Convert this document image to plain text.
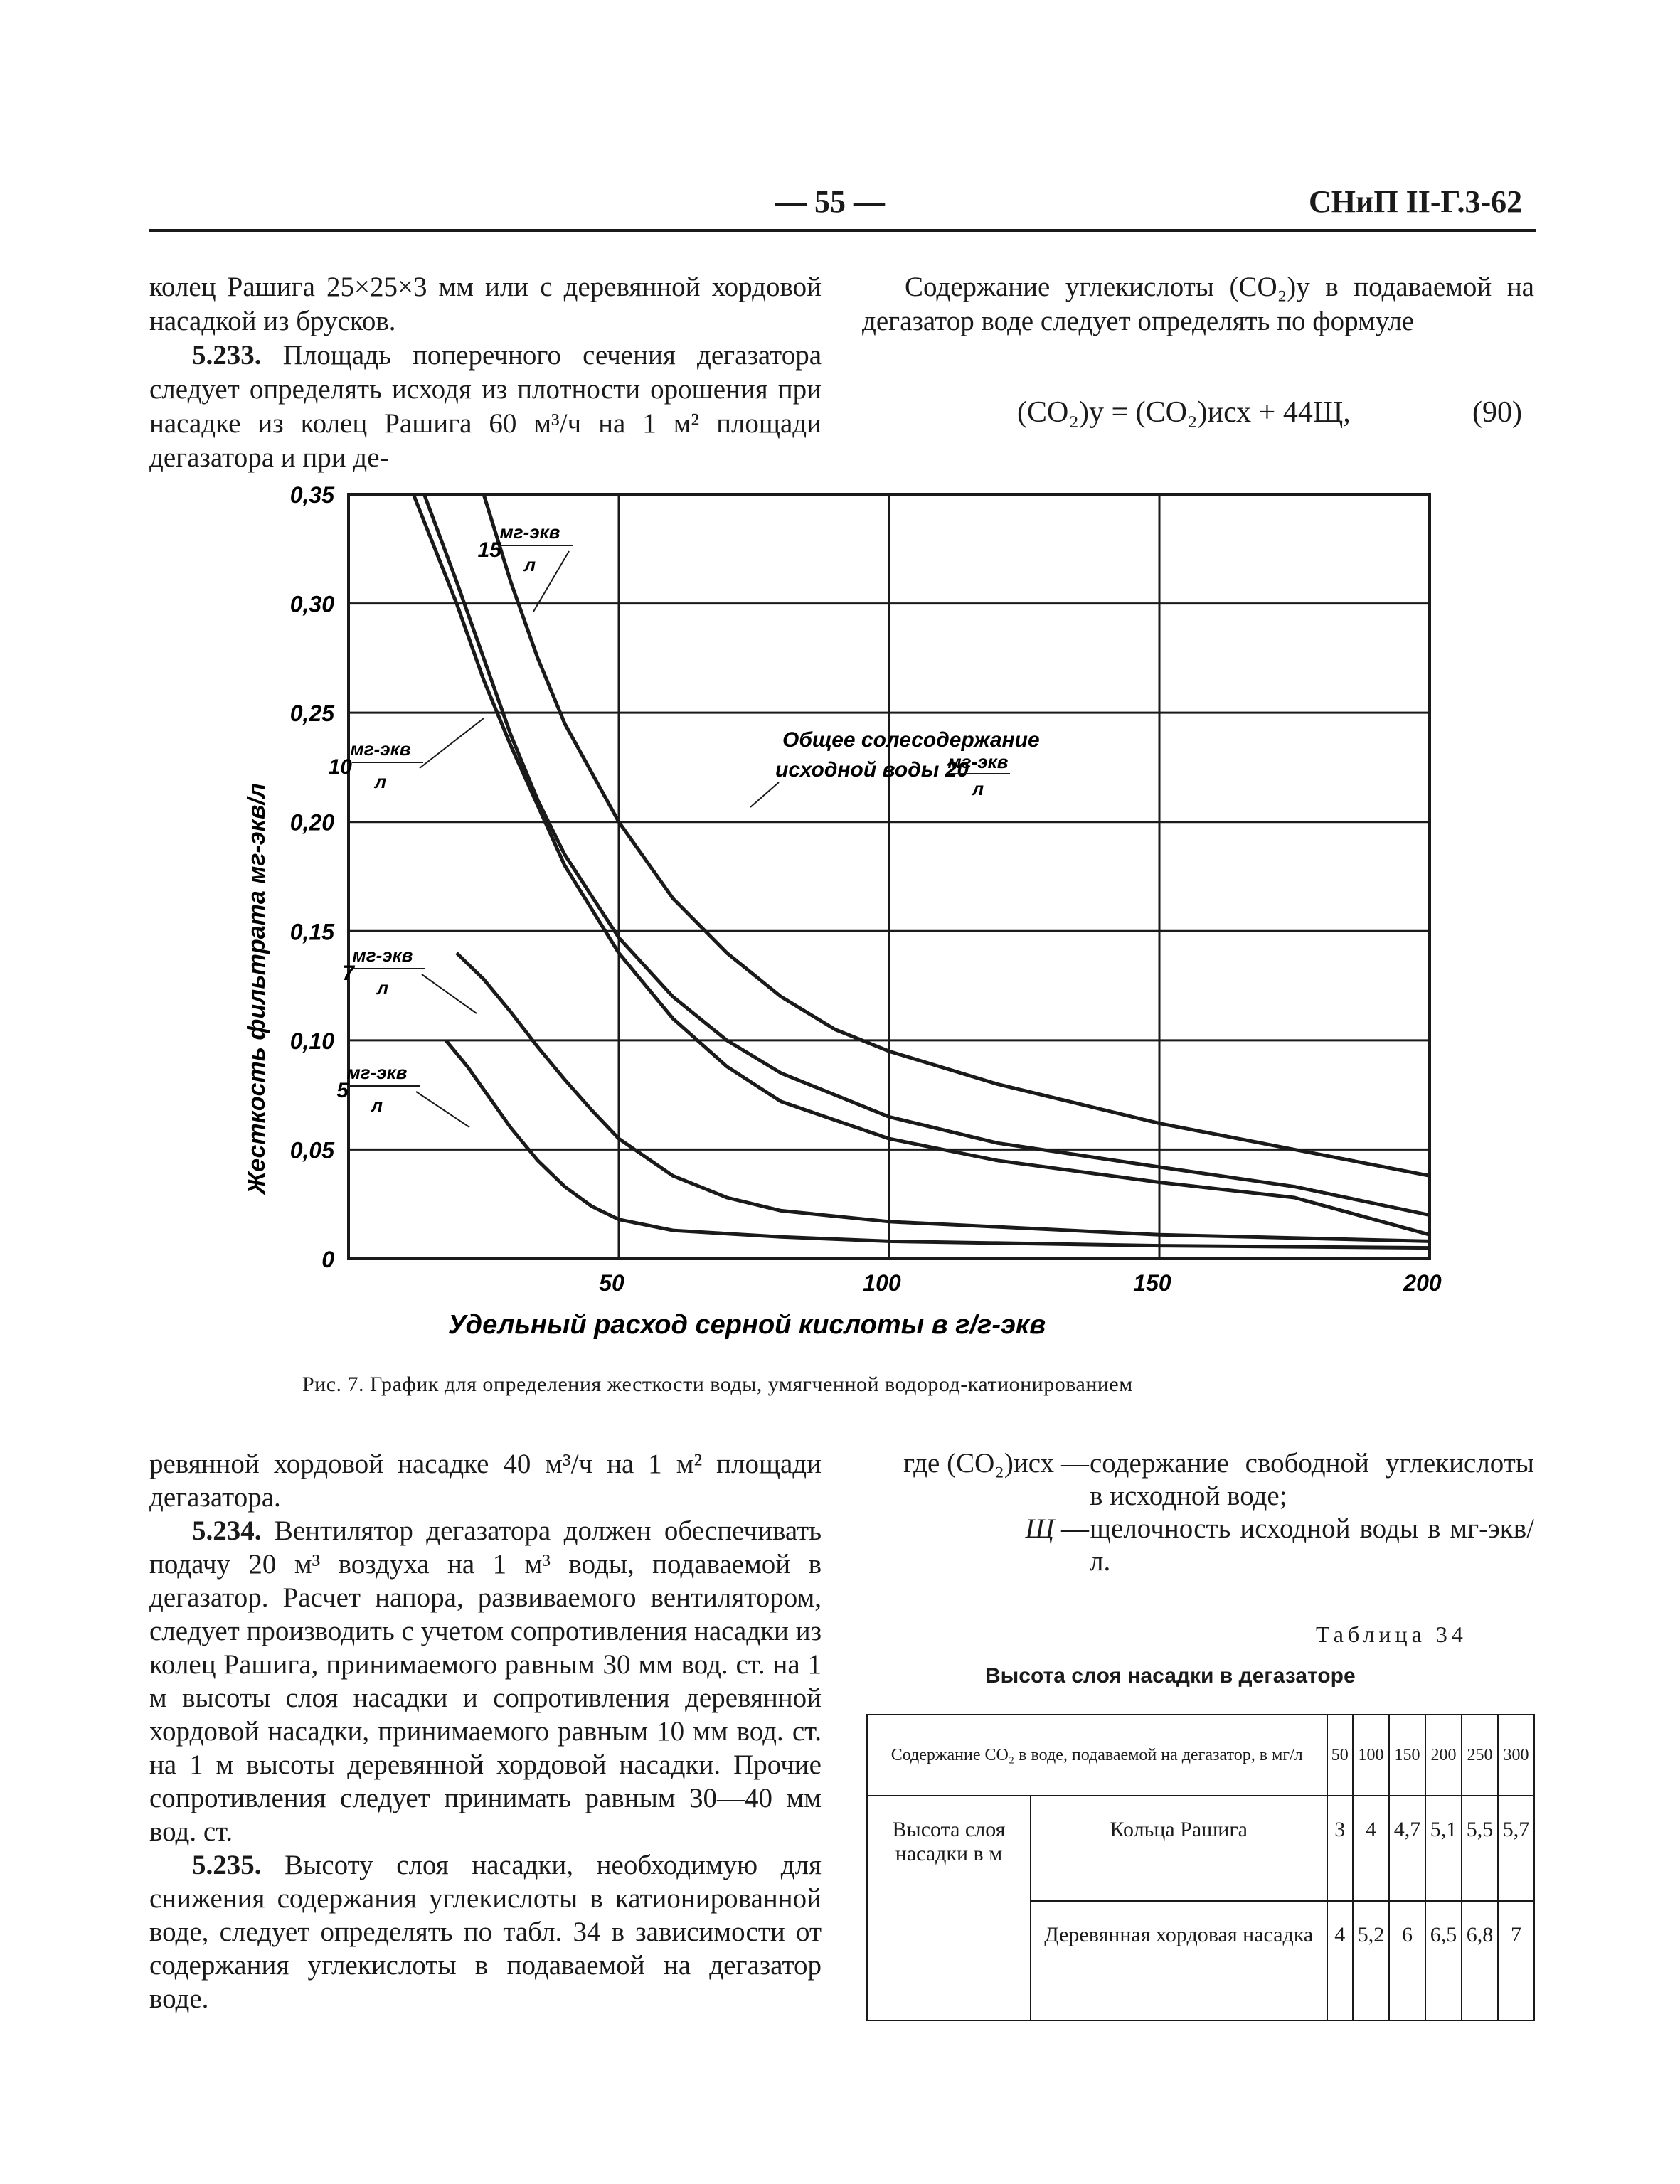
— 55 —	СНиП II-Г.3-62

колец Рашига 25×25×3 мм или с деревянной хордовой насадкой из брусков.

5.233. Площадь поперечного сечения дегазатора следует определять исходя из плотности орошения при насадке из колец Рашига 60 м³/ч на 1 м² площади дегазатора и при де-

Содержание углекислоты (CO₂)у в подаваемой на дегазатор воде следует определять по формуле

(CO₂)у = (CO₂)исх + 44Щ,	(90)
0
0,05
0,10
0,15
0,20
0,25
0,30
0,35
50	100	150	200
5
мг-экв
л
7
мг-экв
л
10
мг-экв
л
15
мг-экв
л
Общее солесодержание
исходной воды 20
мг-экв
л
Удельный расход серной кислоты в г/г-экв
Жесткость фильтрата мг-экв/л
Рис. 7. График для определения жесткости воды, умягченной водород-катионированием

ревянной хордовой насадке 40 м³/ч на 1 м² площади дегазатора.

5.234. Вентилятор дегазатора должен обеспечивать подачу 20 м³ воздуха на 1 м³ воды, подаваемой в дегазатор. Расчет напора, развиваемого вентилятором, следует производить с учетом сопротивления насадки из колец Рашига, принимаемого равным 30 мм вод. ст. на 1 м высоты слоя насадки и сопротивления деревянной хордовой насадки, принимаемого равным 10 мм вод. ст. на 1 м высоты деревянной хордовой насадки. Прочие сопротивления следует принимать равным 30—40 мм вод. ст.

5.235. Высоту слоя насадки, необходимую для снижения содержания углекислоты в катионированной воде, следует определять по табл. 34 в зависимости от содержания углекислоты в подаваемой на дегазатор воде.

где (CO₂)исх — содержание свободной углекислоты в исходной воде;
Щ — щелочность исходной воды в мг-экв/л.
Таблица 34
Высота слоя насадки в дегазаторе
Содержание CO₂ в воде, подаваемой на дегазатор, в мг/л		50	100	150	200	250	300
Высота слоя насадки в м	Кольца Рашига	3	4	4,7	5,1	5,5	5,7
	Деревянная хордовая насадка	4	5,2	6	6,5	6,8	7
